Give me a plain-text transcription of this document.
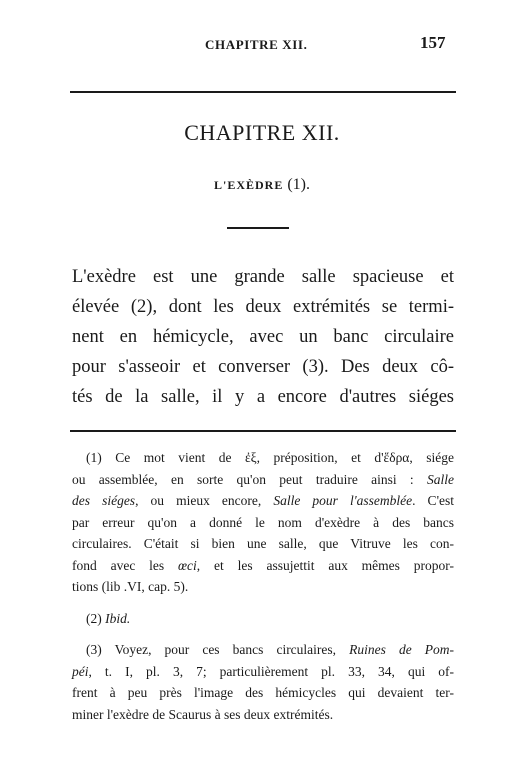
CHAPITRE XII.	157
CHAPITRE XII.
L'EXÈDRE (1).
L'exèdre est une grande salle spacieuse et
élevée (2), dont les deux extrémités se termi-
nent en hémicycle, avec un banc circulaire
pour s'asseoir et converser (3). Des deux cô-
tés de la salle, il y a encore d'autres siéges
(1) Ce mot vient de ἐξ, préposition, et d'ἕδρα, siége
ou assemblée, en sorte qu'on peut traduire ainsi : Salle
des siéges, ou mieux encore, Salle pour l'assemblée. C'est
par erreur qu'on a donné le nom d'exèdre à des bancs
circulaires. C'était si bien une salle, que Vitruve les con-
fond avec les œci, et les assujettit aux mêmes propor-
tions (lib .VI, cap. 5).
(2) Ibid.
(3) Voyez, pour ces bancs circulaires, Ruines de Pom-
péi, t. I, pl. 3, 7; particulièrement pl. 33, 34, qui of-
frent à peu près l'image des hémicycles qui devaient ter-
miner l'exèdre de Scaurus à ses deux extrémités.
